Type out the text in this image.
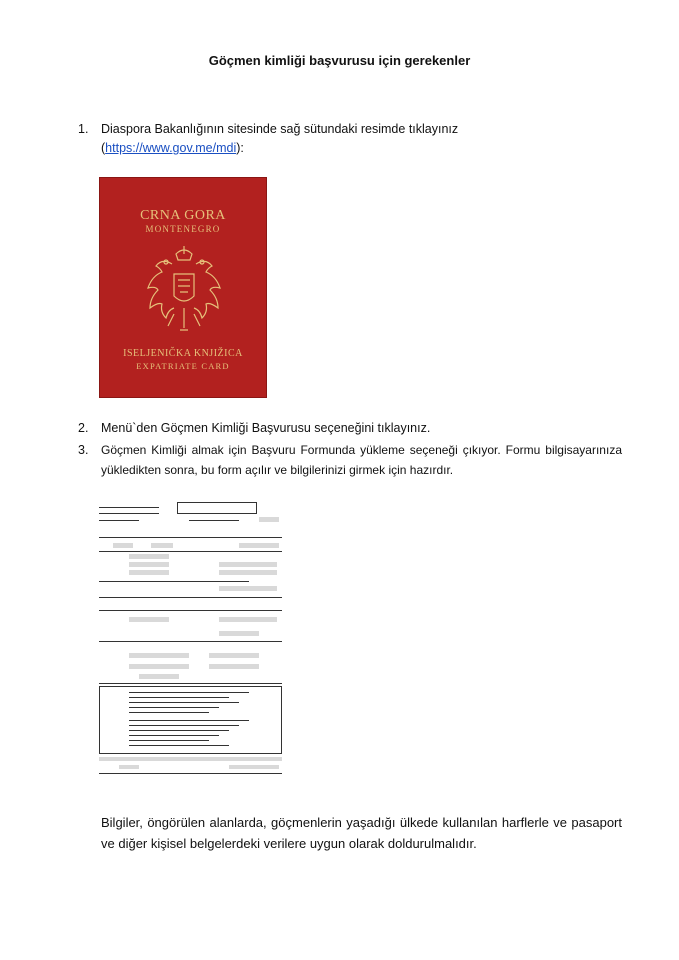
Göçmen kimliği başvurusu için gerekenler
1. Diaspora Bakanlığının sitesinde sağ sütundaki resimde tıklayınız
(https://www.gov.me/mdi):
CRNA GORA
MONTENEGRO
ISELJENIČKA KNJIŽICA
EXPATRIATE CARD
2. Menü`den Göçmen Kimliği Başvurusu seçeneğini tıklayınız.
3. Göçmen Kimliği almak için Başvuru Formunda yükleme seçeneği çıkıyor. Formu bilgisayarınıza yükledikten sonra, bu form açılır ve bilgilerinizi girmek için hazırdır.
Bilgiler, öngörülen alanlarda, göçmenlerin yaşadığı ülkede kullanılan harflerle ve pasaport ve diğer kişisel belgelerdeki verilere uygun olarak doldurulmalıdır.
